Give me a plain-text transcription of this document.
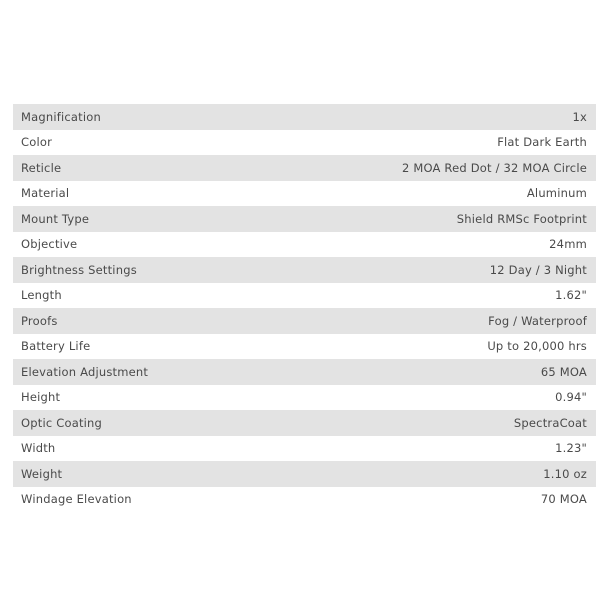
Magnification	1x
Color	Flat Dark Earth
Reticle	2 MOA Red Dot / 32 MOA Circle
Material	Aluminum
Mount Type	Shield RMSc Footprint
Objective	24mm
Brightness Settings	12 Day / 3 Night
Length	1.62"
Proofs	Fog / Waterproof
Battery Life	Up to 20,000 hrs
Elevation Adjustment	65 MOA
Height	0.94"
Optic Coating	SpectraCoat
Width	1.23"
Weight	1.10 oz
Windage Elevation	70 MOA
